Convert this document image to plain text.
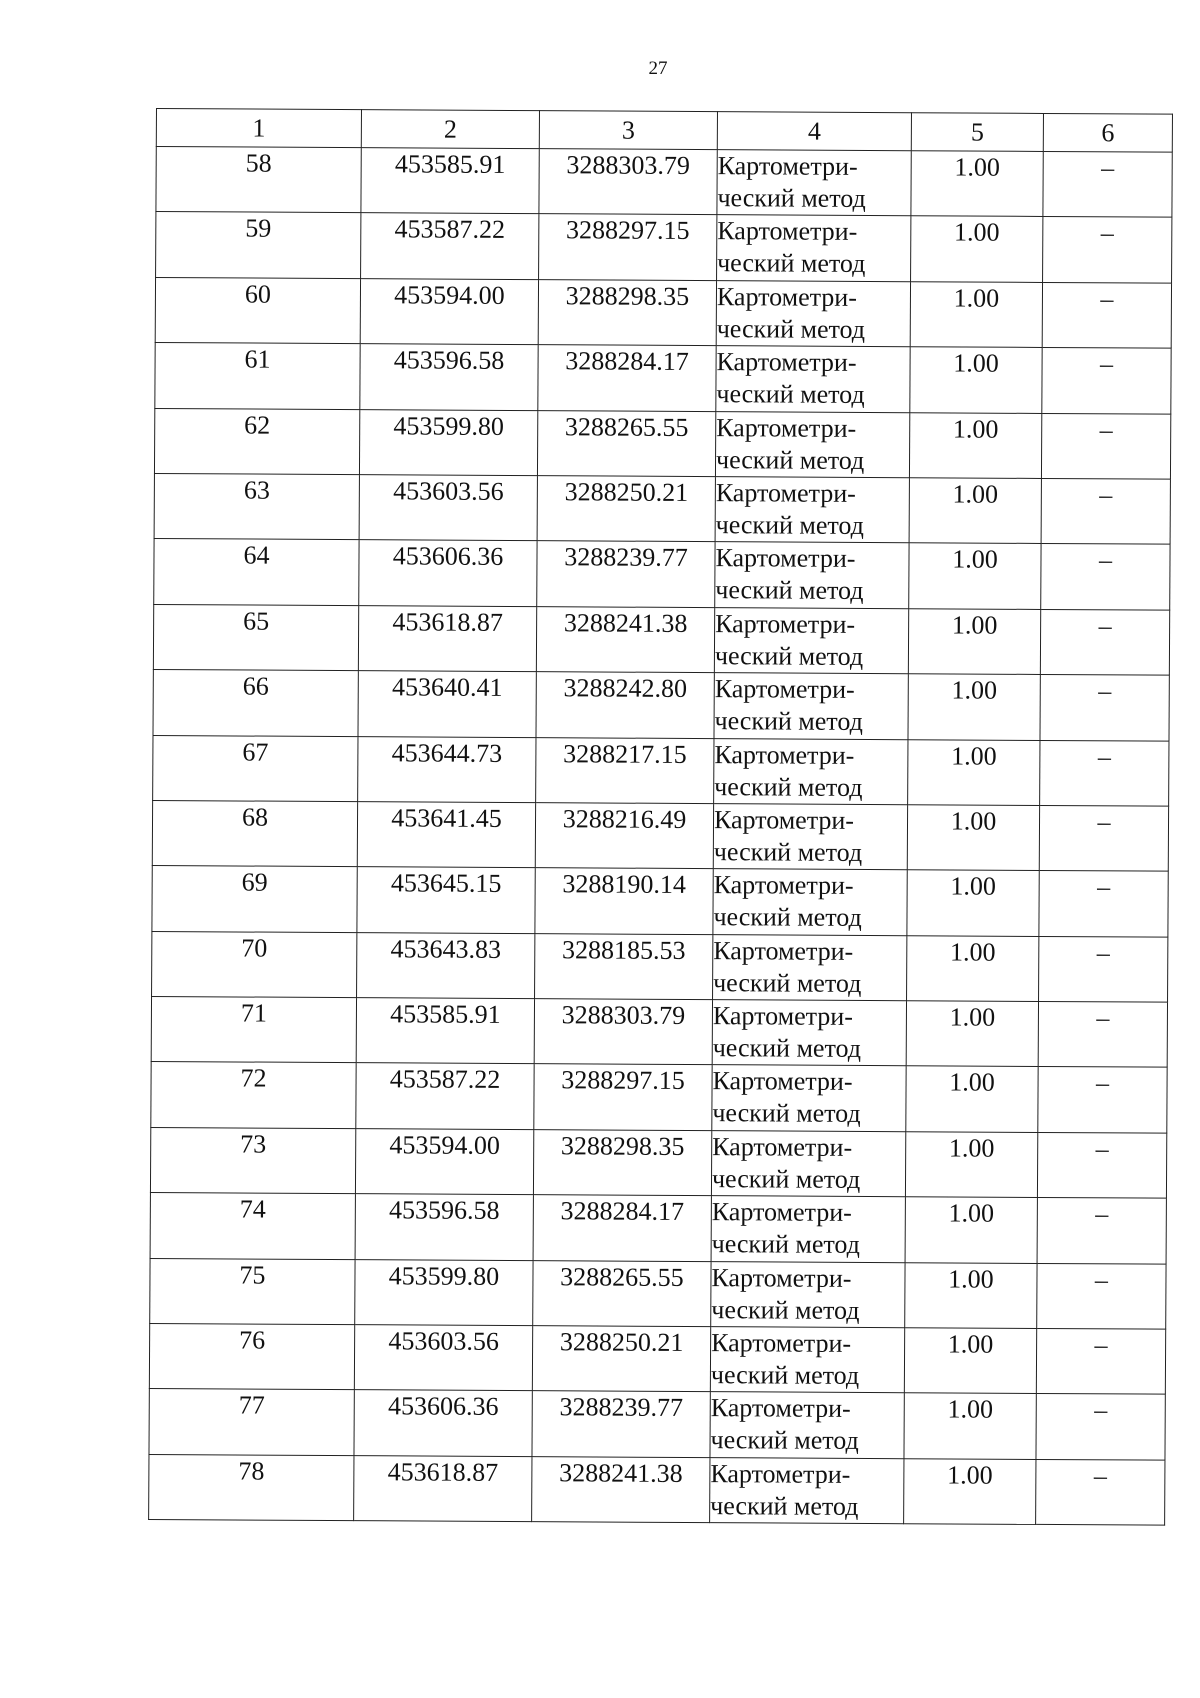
27
1	2	3	4	5	6
58	453585.91	3288303.79	Картометри-
ческий метод	1.00	–
59	453587.22	3288297.15	Картометри-
ческий метод	1.00	–
60	453594.00	3288298.35	Картометри-
ческий метод	1.00	–
61	453596.58	3288284.17	Картометри-
ческий метод	1.00	–
62	453599.80	3288265.55	Картометри-
ческий метод	1.00	–
63	453603.56	3288250.21	Картометри-
ческий метод	1.00	–
64	453606.36	3288239.77	Картометри-
ческий метод	1.00	–
65	453618.87	3288241.38	Картометри-
ческий метод	1.00	–
66	453640.41	3288242.80	Картометри-
ческий метод	1.00	–
67	453644.73	3288217.15	Картометри-
ческий метод	1.00	–
68	453641.45	3288216.49	Картометри-
ческий метод	1.00	–
69	453645.15	3288190.14	Картометри-
ческий метод	1.00	–
70	453643.83	3288185.53	Картометри-
ческий метод	1.00	–
71	453585.91	3288303.79	Картометри-
ческий метод	1.00	–
72	453587.22	3288297.15	Картометри-
ческий метод	1.00	–
73	453594.00	3288298.35	Картометри-
ческий метод	1.00	–
74	453596.58	3288284.17	Картометри-
ческий метод	1.00	–
75	453599.80	3288265.55	Картометри-
ческий метод	1.00	–
76	453603.56	3288250.21	Картометри-
ческий метод	1.00	–
77	453606.36	3288239.77	Картометри-
ческий метод	1.00	–
78	453618.87	3288241.38	Картометри-
ческий метод	1.00	–
